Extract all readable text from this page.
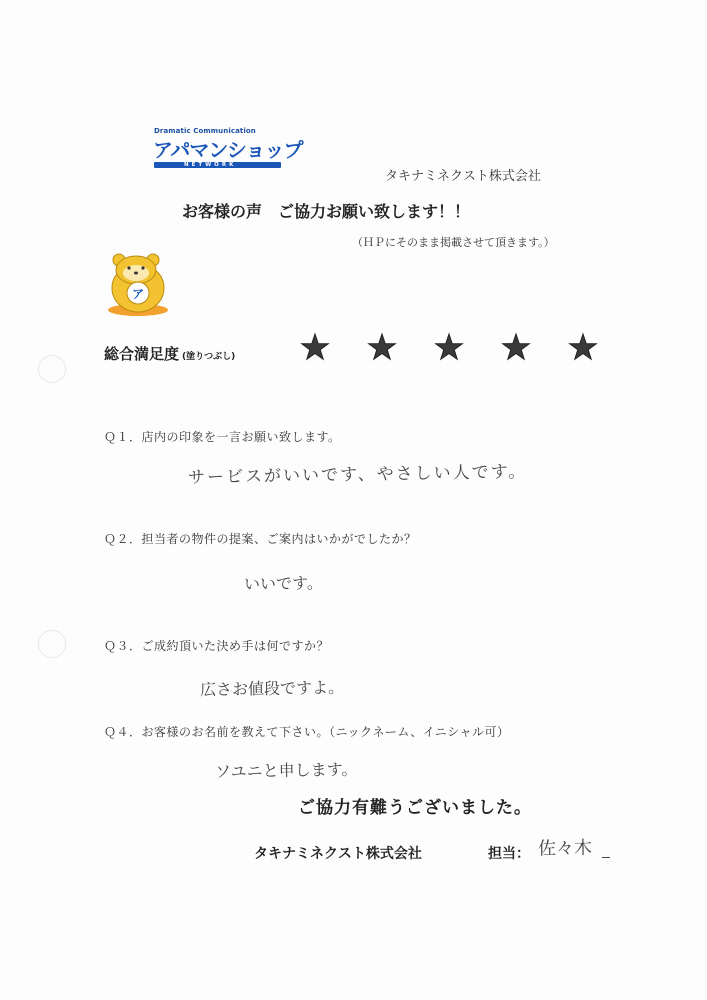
Dramatic Communication
アパマンショップ
NETWORK
タキナミネクスト株式会社
お客様の声　ご協力お願い致します！！
（ＨＰにそのまま掲載させて頂きます。）
ア
総合満足度 (塗りつぶし)
Ｑ１．店内の印象を一言お願い致します。
サービスがいいです、やさしい人です。
Ｑ２．担当者の物件の提案、ご案内はいかがでしたか？
いいです。
Ｑ３．ご成約頂いた決め手は何ですか？
広さお値段ですよ。
Ｑ４．お客様のお名前を教えて下さい。（ニックネーム、イニシャル可）
ソユニと申します。
ご協力有難うございました。
タキナミネクスト株式会社	担当： 佐々木
